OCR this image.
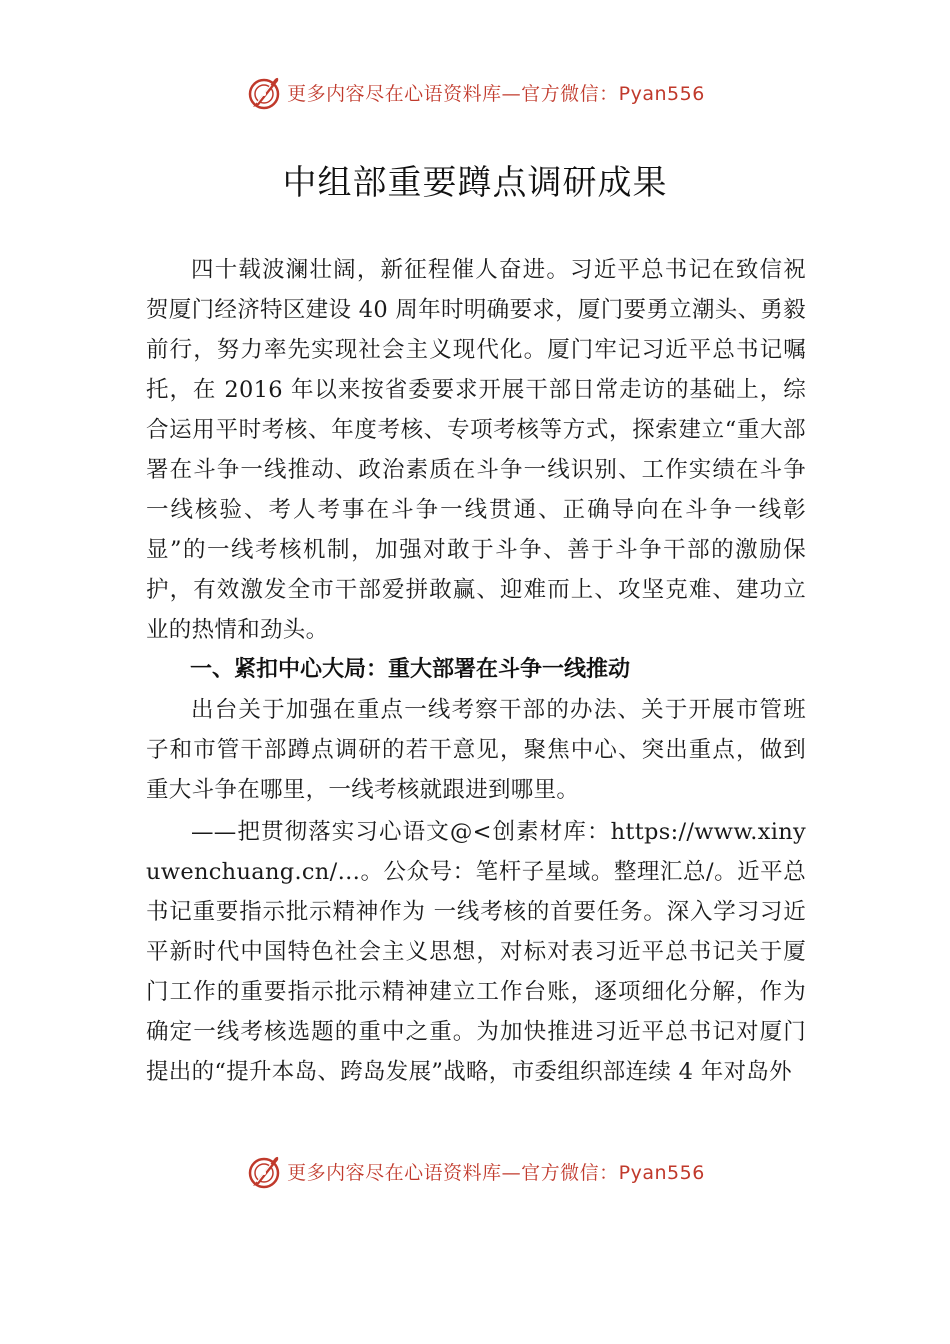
更多内容尽在心语资料库—官方微信：Pyan556
中组部重要蹲点调研成果

四十载波澜壮阔，新征程催人奋进。习近平总书记在致信祝贺厦门经济特区建设 40 周年时明确要求，厦门要勇立潮头、勇毅前行，努力率先实现社会主义现代化。厦门牢记习近平总书记嘱托，在 2016 年以来按省委要求开展干部日常走访的基础上，综合运用平时考核、年度考核、专项考核等方式，探索建立“重大部署在斗争一线推动、政治素质在斗争一线识别、工作实绩在斗争一线核验、考人考事在斗争一线贯通、正确导向在斗争一线彰显”的一线考核机制，加强对敢于斗争、善于斗争干部的激励保护，有效激发全市干部爱拼敢赢、迎难而上、攻坚克难、建功立业的热情和劲头。

一、紧扣中心大局：重大部署在斗争一线推动

出台关于加强在重点一线考察干部的办法、关于开展市管班子和市管干部蹲点调研的若干意见，聚焦中心、突出重点，做到重大斗争在哪里，一线考核就跟进到哪里。

——把贯彻落实习心语文@<创素材库：https://www.xinyuwenchuang.cn/…。公众号：笔杆子星域。整理汇总/。近平总书记重要指示批示精神作为 一线考核的首要任务。深入学习习近平新时代中国特色社会主义思想，对标对表习近平总书记关于厦门工作的重要指示批示精神建立工作台账，逐项细化分解，作为确定一线考核选题的重中之重。为加快推进习近平总书记对厦门提出的“提升本岛、跨岛发展”战略，市委组织部连续 4 年对岛外

更多内容尽在心语资料库—官方微信：Pyan556
